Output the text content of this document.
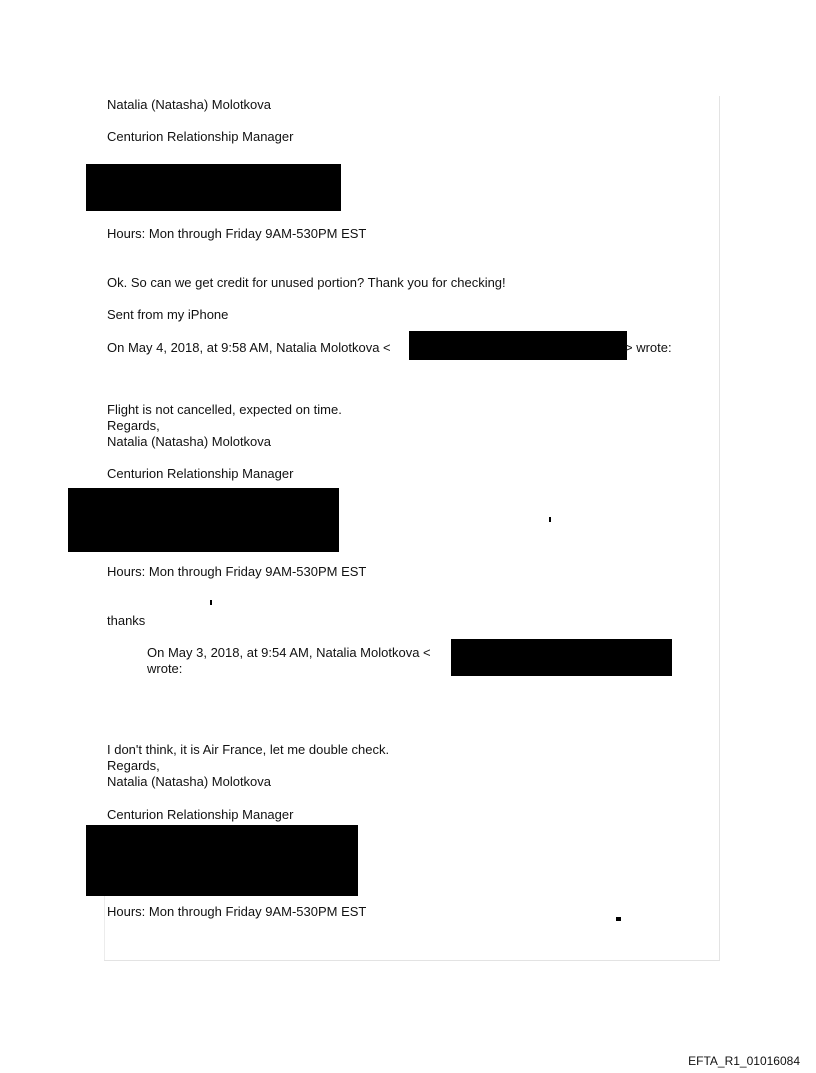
Natalia (Natasha) Molotkova
Centurion Relationship Manager
Hours: Mon through Friday 9AM-530PM EST
Ok. So can we get credit for unused portion? Thank you for checking!
Sent from my iPhone
On May 4, 2018, at 9:58 AM, Natalia Molotkova <	> wrote:
Flight is not cancelled, expected on time.
Regards,
Natalia (Natasha) Molotkova
Centurion Relationship Manager
Hours: Mon through Friday 9AM-530PM EST
thanks
On May 3, 2018, at 9:54 AM, Natalia Molotkova <
wrote:
I don't think, it is Air France, let me double check.
Regards,
Natalia (Natasha) Molotkova
Centurion Relationship Manager
Hours: Mon through Friday 9AM-530PM EST
EFTA_R1_01016084
